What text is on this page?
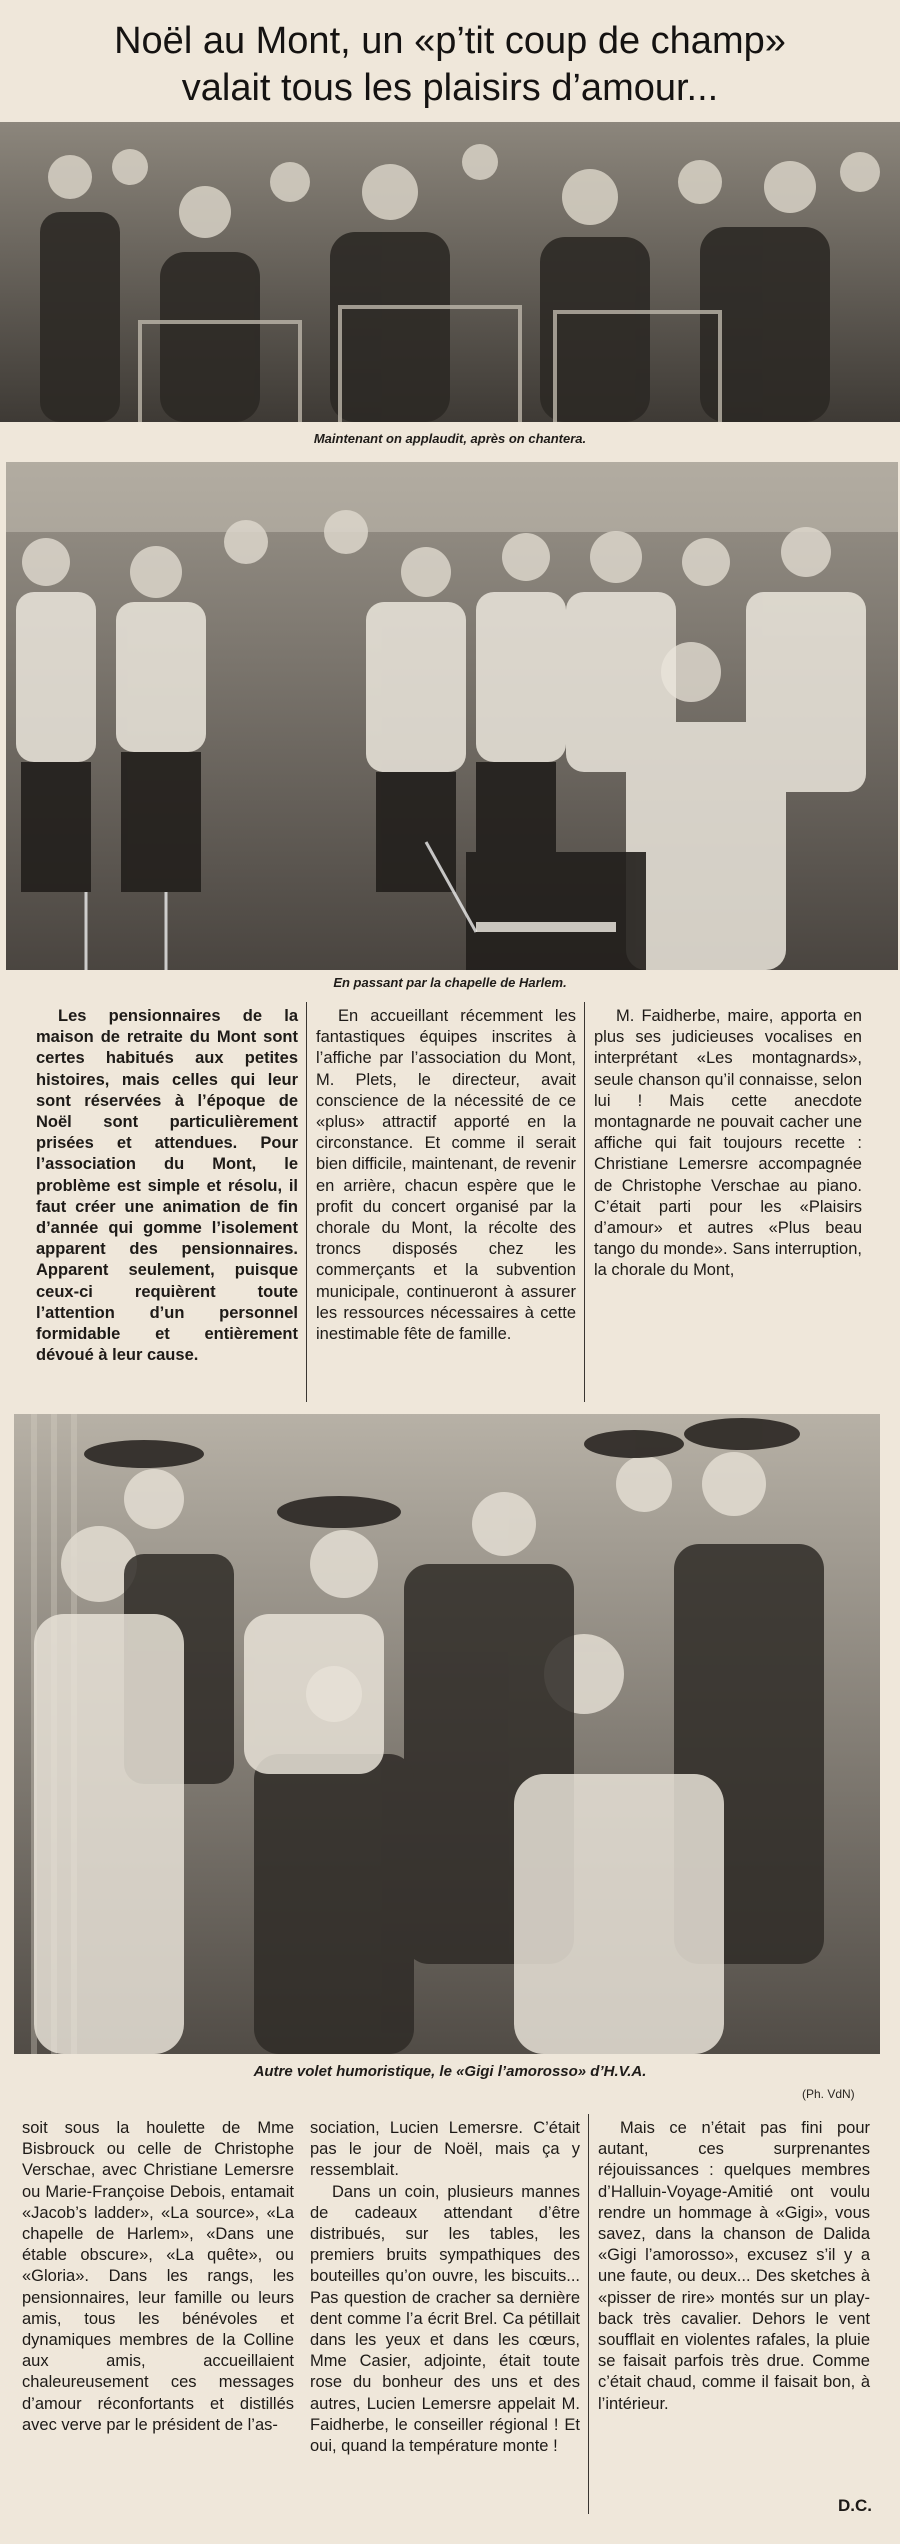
Noël au Mont, un «p’tit coup de champ»
valait tous les plaisirs d’amour...
Maintenant on applaudit, après on chantera.
En passant par la chapelle de Harlem.

Les pensionnaires de la maison de retraite du Mont sont certes habitués aux petites histoires, mais celles qui leur sont réservées à l’époque de Noël sont particulièrement prisées et attendues. Pour l’association du Mont, le problème est simple et résolu, il faut créer une animation de fin d’année qui gomme l’isolement apparent des pensionnaires. Apparent seulement, puisque ceux-ci requièrent toute l’attention d’un personnel formidable et entièrement dévoué à leur cause.

En accueillant récemment les fantastiques équipes inscrites à l’affiche par l’association du Mont, M. Plets, le directeur, avait conscience de la nécessité de ce «plus» attractif apporté en la circonstance. Et comme il serait bien difficile, maintenant, de revenir en arrière, chacun espère que le profit du concert organisé par la chorale du Mont, la récolte des troncs disposés chez les commerçants et la subvention municipale, continueront à assurer les ressources nécessaires à cette inestimable fête de famille.

M. Faidherbe, maire, apporta en plus ses judicieuses vocalises en interprétant «Les montagnards», seule chanson qu’il connaisse, selon lui ! Mais cette anecdote montagnarde ne pouvait cacher une affiche qui fait toujours recette : Christiane Lemersre accompagnée de Christophe Verschae au piano. C’était parti pour les «Plaisirs d’amour» et autres «Plus beau tango du monde». Sans interruption, la chorale du Mont,

Autre volet humoristique, le «Gigi l’amorosso» d’H.V.A.
(Ph. VdN)

soit sous la houlette de Mme Bisbrouck ou celle de Christophe Verschae, avec Christiane Lemersre ou Marie-Françoise Debois, entamait «Jacob’s ladder», «La source», «La chapelle de Harlem», «Dans une étable obscure», «La quête», ou «Gloria». Dans les rangs, les pensionnaires, leur famille ou leurs amis, tous les bénévoles et dynamiques membres de la Colline aux amis, accueillaient chaleureusement ces messages d’amour réconfortants et distillés avec verve par le président de l’as-

sociation, Lucien Lemersre. C’était pas le jour de Noël, mais ça y ressemblait.

Dans un coin, plusieurs mannes de cadeaux attendant d’être distribués, sur les tables, les premiers bruits sympathiques des bouteilles qu’on ouvre, les biscuits... Pas question de cracher sa dernière dent comme l’a écrit Brel. Ca pétillait dans les yeux et dans les cœurs, Mme Casier, adjointe, était toute rose du bonheur des uns et des autres, Lucien Lemersre appelait M. Faidherbe, le conseiller régional ! Et oui, quand la température monte !

Mais ce n’était pas fini pour autant, ces surprenantes réjouissances : quelques membres d’Halluin-Voyage-Amitié ont voulu rendre un hommage à «Gigi», vous savez, dans la chanson de Dalida «Gigi l’amorosso», excusez s’il y a une faute, ou deux... Des sketches à «pisser de rire» montés sur un play-back très cavalier. Dehors le vent soufflait en violentes rafales, la pluie se faisait parfois très drue. Comme c’était chaud, comme il faisait bon, à l’intérieur.

D.C.
